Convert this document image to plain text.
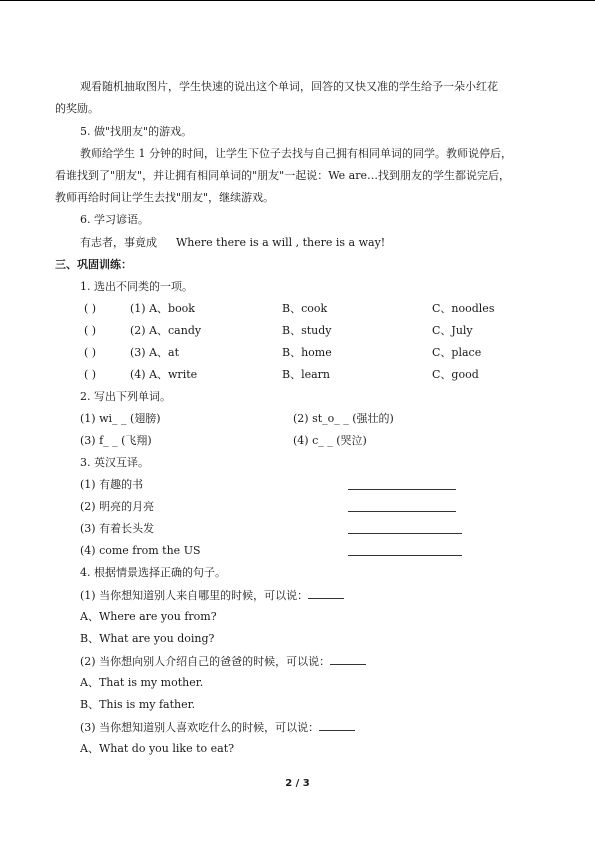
观看随机抽取图片，学生快速的说出这个单词，回答的又快又准的学生给予一朵小红花
的奖励。
5. 做"找朋友"的游戏。
教师给学生 1 分钟的时间，让学生下位子去找与自己拥有相同单词的同学。教师说停后，
看谁找到了"朋友"，并让拥有相同单词的"朋友"一起说：We are…找到朋友的学生都说完后，
教师再给时间让学生去找"朋友"，继续游戏。
6. 学习谚语。
有志者，事竟成 Where there is a will , there is a way!
三、巩固训练：
1. 选出不同类的一项。
( )	(1) A、book	B、cook	C、noodles
( )	(2) A、candy	B、study	C、July
( )	(3) A、at	B、home	C、place
( )	(4) A、write	B、learn	C、good
2. 写出下列单词。
(1) wi_ _ (翅膀)	(2) st_o_ _ (强壮的)
(3) f_ _ (飞翔)	(4) c_ _ (哭泣)
3. 英汉互译。
(1) 有趣的书
(2) 明亮的月亮
(3) 有着长头发
(4) come from the US
4. 根据情景选择正确的句子。
(1) 当你想知道别人来自哪里的时候，可以说：
A、Where are you from?
B、What are you doing?
(2) 当你想向别人介绍自己的爸爸的时候，可以说：
A、That is my mother.
B、This is my father.
(3) 当你想知道别人喜欢吃什么的时候，可以说：
A、What do you like to eat?
2 / 3
